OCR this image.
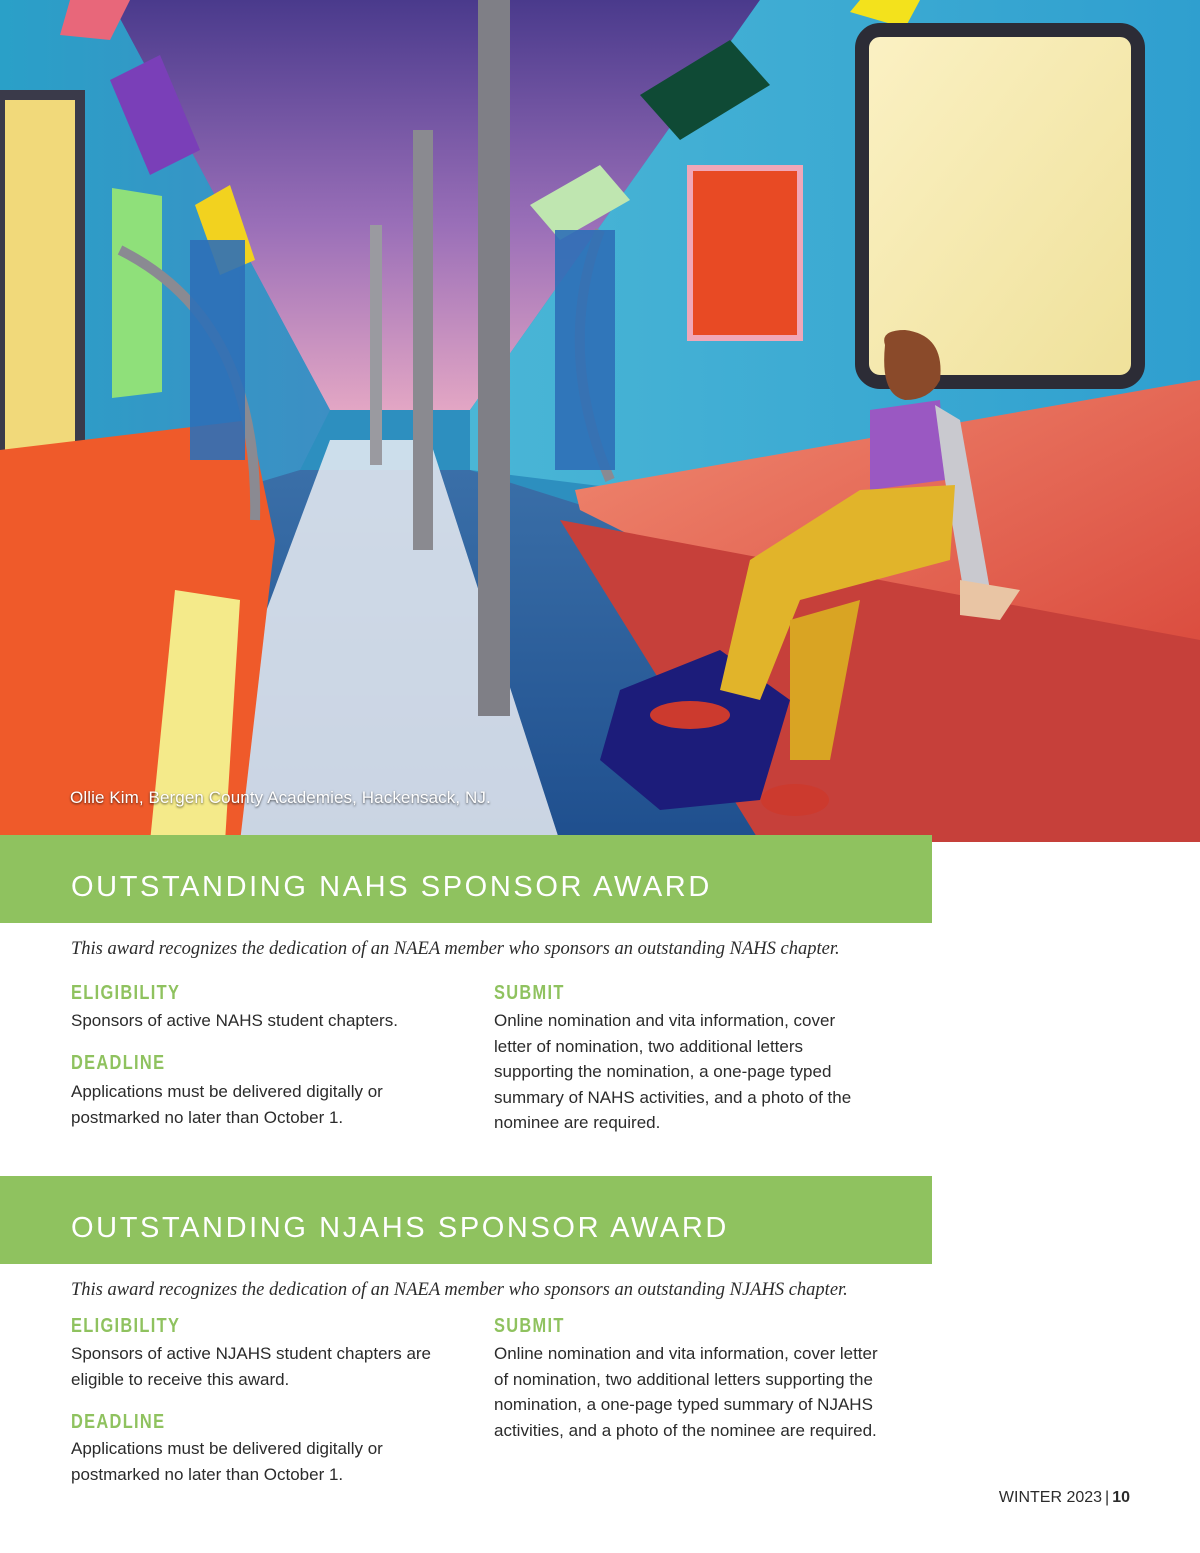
Ollie Kim, Bergen County Academies, Hackensack, NJ.
OUTSTANDING NAHS SPONSOR AWARD

This award recognizes the dedication of an NAEA member who sponsors an outstanding NAHS chapter.

ELIGIBILITY

Sponsors of active NAHS student chapters.

DEADLINE

Applications must be delivered digitally or postmarked no later than October 1.

SUBMIT

Online nomination and vita information, cover letter of nomination, two additional letters supporting the nomination, a one-page typed summary of NAHS activities, and a photo of the nominee are required.

OUTSTANDING NJAHS SPONSOR AWARD

This award recognizes the dedication of an NAEA member who sponsors an outstanding NJAHS chapter.

ELIGIBILITY

Sponsors of active NJAHS student chapters are eligible to receive this award.

DEADLINE

Applications must be delivered digitally or postmarked no later than October 1.

SUBMIT

Online nomination and vita information, cover letter of nomination, two additional letters supporting the nomination, a one-page typed summary of NJAHS activities, and a photo of the nominee are required.

WINTER 2023 | 10
